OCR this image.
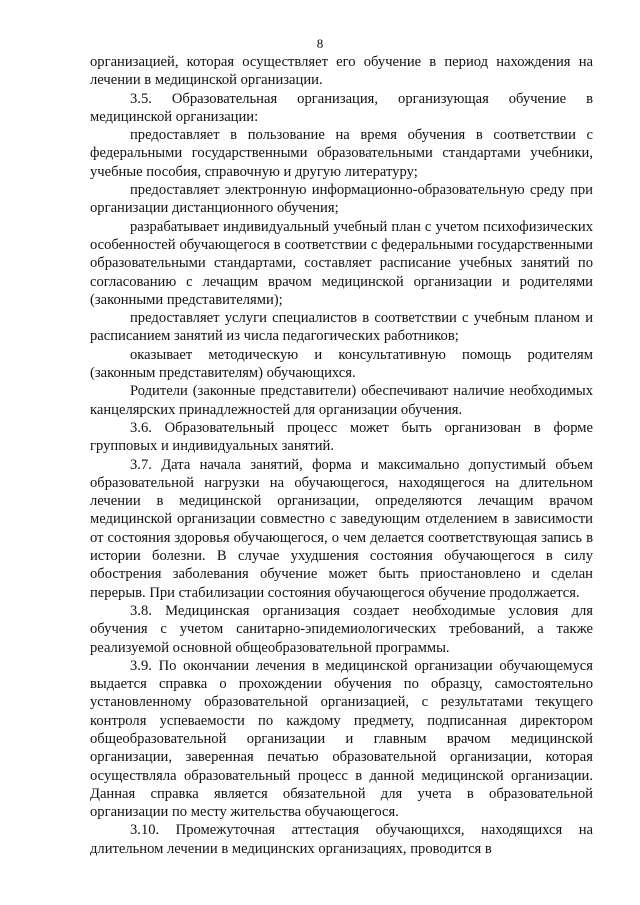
8

организацией, которая осуществляет его обучение в период нахождения на лечении в медицинской организации.

3.5. Образовательная организация, организующая обучение в медицинской организации:

предоставляет в пользование на время обучения в соответствии с федеральными государственными образовательными стандартами учебники, учебные пособия, справочную и другую литературу;

предоставляет электронную информационно-образовательную среду при организации дистанционного обучения;

разрабатывает индивидуальный учебный план с учетом психофизических особенностей обучающегося в соответствии с федеральными государственными образовательными стандартами, составляет расписание учебных занятий по согласованию с лечащим врачом медицинской организации и родителями (законными представителями);

предоставляет услуги специалистов в соответствии с учебным планом и расписанием занятий из числа педагогических работников;

оказывает методическую и консультативную помощь родителям (законным представителям) обучающихся.

Родители (законные представители) обеспечивают наличие необходимых канцелярских принадлежностей для организации обучения.

3.6. Образовательный процесс может быть организован в форме групповых и индивидуальных занятий.

3.7. Дата начала занятий, форма и максимально допустимый объем образовательной нагрузки на обучающегося, находящегося на длительном лечении в медицинской организации, определяются лечащим врачом медицинской организации совместно с заведующим отделением в зависимости от состояния здоровья обучающегося, о чем делается соответствующая запись в истории болезни. В случае ухудшения состояния обучающегося в силу обострения заболевания обучение может быть приостановлено и сделан перерыв. При стабилизации состояния обучающегося обучение продолжается.

3.8. Медицинская организация создает необходимые условия для обучения с учетом санитарно-эпидемиологических требований, а также реализуемой основной общеобразовательной программы.

3.9. По окончании лечения в медицинской организации обучающемуся выдается справка о прохождении обучения по образцу, самостоятельно установленному образовательной организацией, с результатами текущего контроля успеваемости по каждому предмету, подписанная директором общеобразовательной организации и главным врачом медицинской организации, заверенная печатью образовательной организации, которая осуществляла образовательный процесс в данной медицинской организации. Данная справка является обязательной для учета в образовательной организации по месту жительства обучающегося.

3.10. Промежуточная аттестация обучающихся, находящихся на длительном лечении в медицинских организациях, проводится в
